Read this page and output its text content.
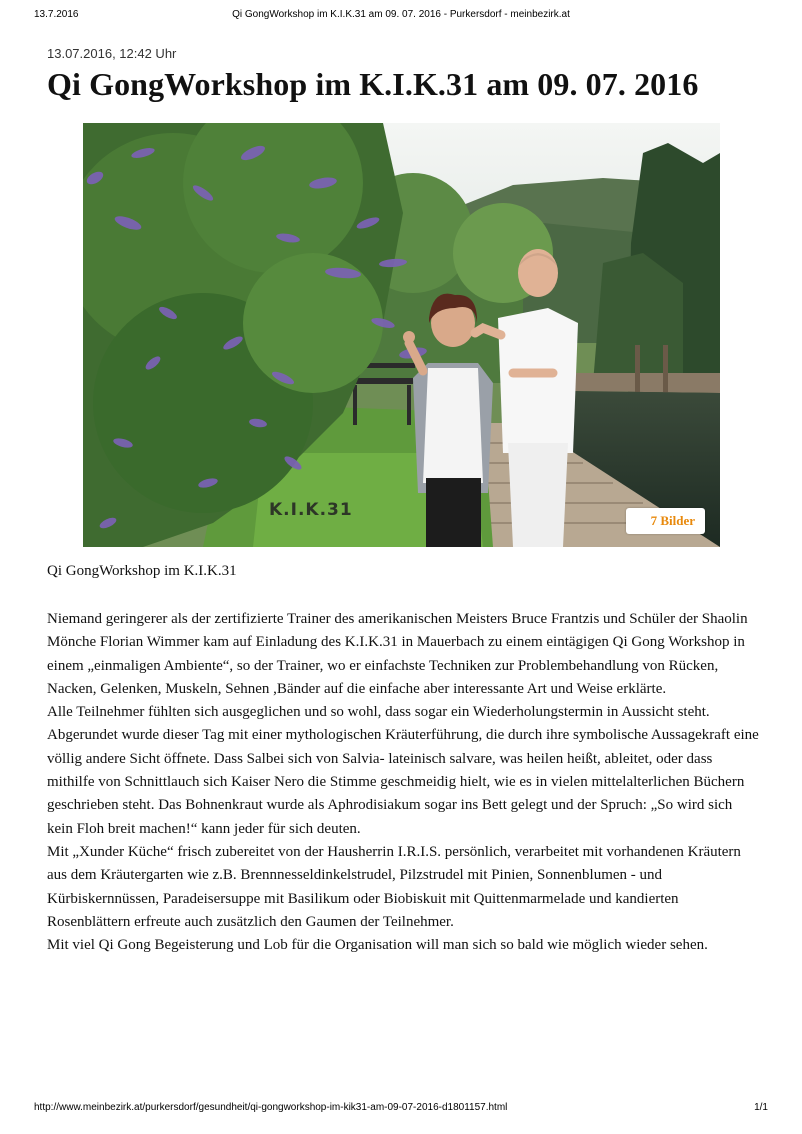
13.7.2016	Qi GongWorkshop im K.I.K.31 am 09. 07. 2016 - Purkersdorf - meinbezirk.at
13.07.2016, 12:42 Uhr
Qi GongWorkshop im K.I.K.31 am 09. 07. 2016
7 Bilder
K.I.K.31

Qi GongWorkshop im K.I.K.31

Niemand geringerer als der zertifizierte Trainer des amerikanischen Meisters Bruce Frantzis und Schüler der Shaolin Mönche Florian Wimmer kam auf Einladung des K.I.K.31 in Mauerbach zu einem eintägigen Qi Gong Workshop in einem „einmaligen Ambiente“, so der Trainer, wo er einfachste Techniken zur Problembehandlung von Rücken, Nacken, Gelenken, Muskeln, Sehnen ,Bänder auf die einfache aber interessante Art und Weise erklärte.

Alle Teilnehmer fühlten sich ausgeglichen und so wohl, dass sogar ein Wiederholungstermin in Aussicht steht.

Abgerundet wurde dieser Tag mit einer mythologischen Kräuterführung, die durch ihre symbolische Aussagekraft eine völlig andere Sicht öffnete. Dass Salbei sich von Salvia- lateinisch salvare, was heilen heißt, ableitet, oder dass mithilfe von Schnittlauch sich Kaiser Nero die Stimme geschmeidig hielt, wie es in vielen mittelalterlichen Büchern geschrieben steht. Das Bohnenkraut wurde als Aphrodisiakum sogar ins Bett gelegt und der Spruch: „So wird sich kein Floh breit machen!“ kann jeder für sich deuten.

Mit „Xunder Küche“ frisch zubereitet von der Hausherrin I.R.I.S. persönlich, verarbeitet mit vorhandenen Kräutern aus dem Kräutergarten wie z.B. Brennnesseldinkelstrudel, Pilzstrudel mit Pinien, Sonnenblumen - und Kürbiskernnüssen, Paradeisersuppe mit Basilikum oder Biobiskuit mit Quittenmarmelade und kandierten Rosenblättern erfreute auch zusätzlich den Gaumen der Teilnehmer.

Mit viel Qi Gong Begeisterung und Lob für die Organisation will man sich so bald wie möglich wieder sehen.

http://www.meinbezirk.at/purkersdorf/gesundheit/qi-gongworkshop-im-kik31-am-09-07-2016-d1801157.html	1/1
